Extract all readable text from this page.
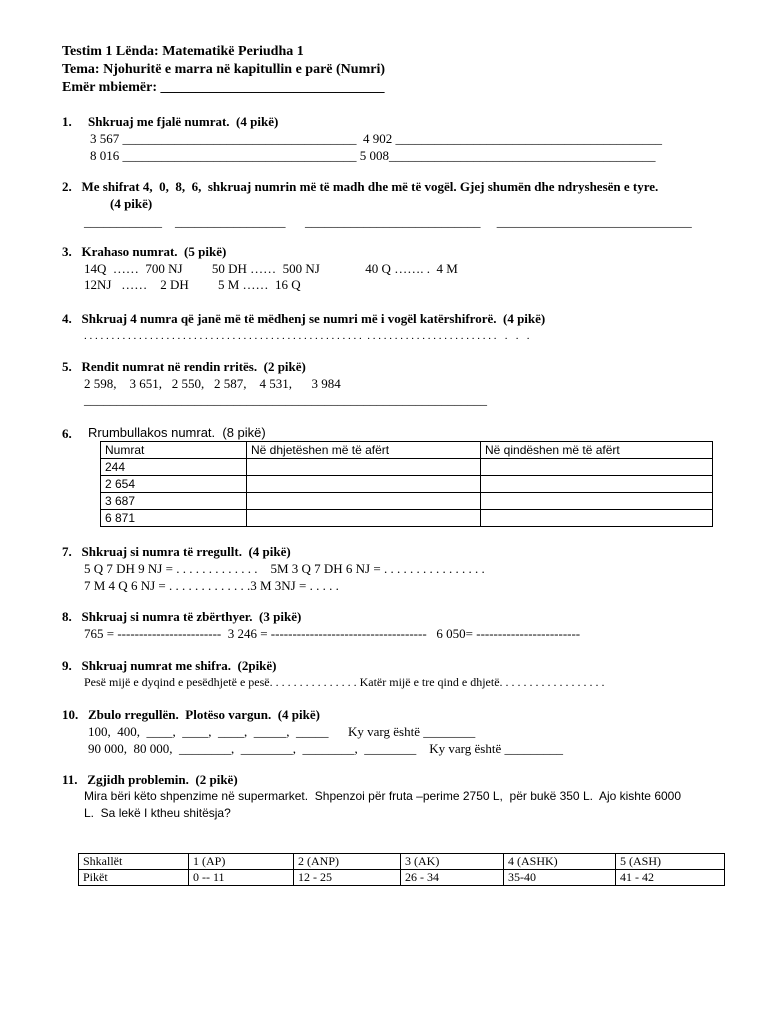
Testim 1 Lënda: Matematikë Periudha 1
Tema: Njohuritë e marra në kapitullin e parë (Numri)
Emër mbiemër: ________________________________
1.     Shkruaj me fjalë numrat.  (4 pikë)
3 567 ____________________________________  4 902 _________________________________________
8 016 ____________________________________ 5 008_________________________________________
2.   Me shifrat 4,  0,  8,  6,  shkruaj numrin më të madh dhe më të vogël. Gjej shumën dhe ndryshesën e tyre.
(4 pikë)
____________    _________________      ___________________________     ______________________________
3.   Krahaso numrat.  (5 pikë)
14Q  ……  700 NJ         50 DH ……  500 NJ              40 Q ……. .  4 M
12NJ   ……    2 DH         5 M ……  16 Q
4.   Shkruaj 4 numra që janë më të mëdhenj se numri më i vogël katërshifrorë.  (4 pikë)
. . . . . . . . . . . . . . . . . . . . . . . . . . . . . . . . . . . . . . . . . . . . . . . . . . .  . . . . . . . . . . . . . . . . . . . . . . . .   .   .   .
5.   Rendit numrat në rendin rritës.  (2 pikë)
2 598,    3 651,   2 550,   2 587,    4 531,      3 984
______________________________________________________________
6. Rrumbullakos numrat.  (8 pikë)
Numrat	Në dhjetëshen më të afërt	Në qindëshen më të afërt
244		
2 654		
3 687		
6 871		
7.   Shkruaj si numra të rregullt.  (4 pikë)
5 Q 7 DH 9 NJ = . . . . . . . . . . . . .    5M 3 Q 7 DH 6 NJ = . . . . . . . . . . . . . . . .
7 M 4 Q 6 NJ = . . . . . . . . . . . . .3 M 3NJ = . . . . .
8.   Shkruaj si numra të zbërthyer.  (3 pikë)
765 = ------------------------  3 246 = ------------------------------------   6 050= ------------------------
9.   Shkruaj numrat me shifra.  (2pikë)
Pesë mijë e dyqind e pesëdhjetë e pesë. . . . . . . . . . . . . . . Katër mijë e tre qind e dhjetë. . . . . . . . . . . . . . . . . .
10.   Zbulo rregullën.  Plotëso vargun.  (4 pikë)
100,  400,  ____,  ____,  ____,  _____,  _____      Ky varg është ________
90 000,  80 000,  ________,  ________,  ________,  ________    Ky varg është _________
11.   Zgjidh problemin.  (2 pikë)
Mira bëri këto shpenzime në supermarket.  Shpenzoi për fruta –perime 2750 L,  për bukë 350 L.  Ajo kishte 6000
L.  Sa lekë I ktheu shitësja?
Shkallët	1 (AP)	2 (ANP)	3 (AK)	4 (ASHK)	5 (ASH)
Pikët	0 -- 11	12 - 25	26 - 34	35-40	41 - 42
